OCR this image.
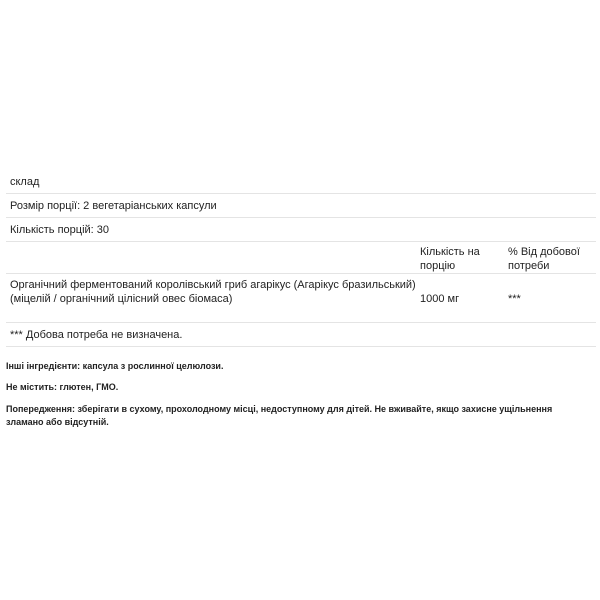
склад
Розмір порції: 2 вегетаріанських капсули
Кількість порцій: 30
Кількість на порцію
% Від добової потреби
Органічний ферментований королівський гриб агарікус (Агарікус бразильський) (міцелій / органічний цілісний овес біомаса)	1000 мг	***
*** Добова потреба не визначена.
Інші інгредієнти: капсула з рослинної целюлози.
Не містить: глютен, ГМО.
Попередження: зберігати в сухому, прохолодному місці, недоступному для дітей. Не вживайте, якщо захисне ущільнення зламано або відсутній.
